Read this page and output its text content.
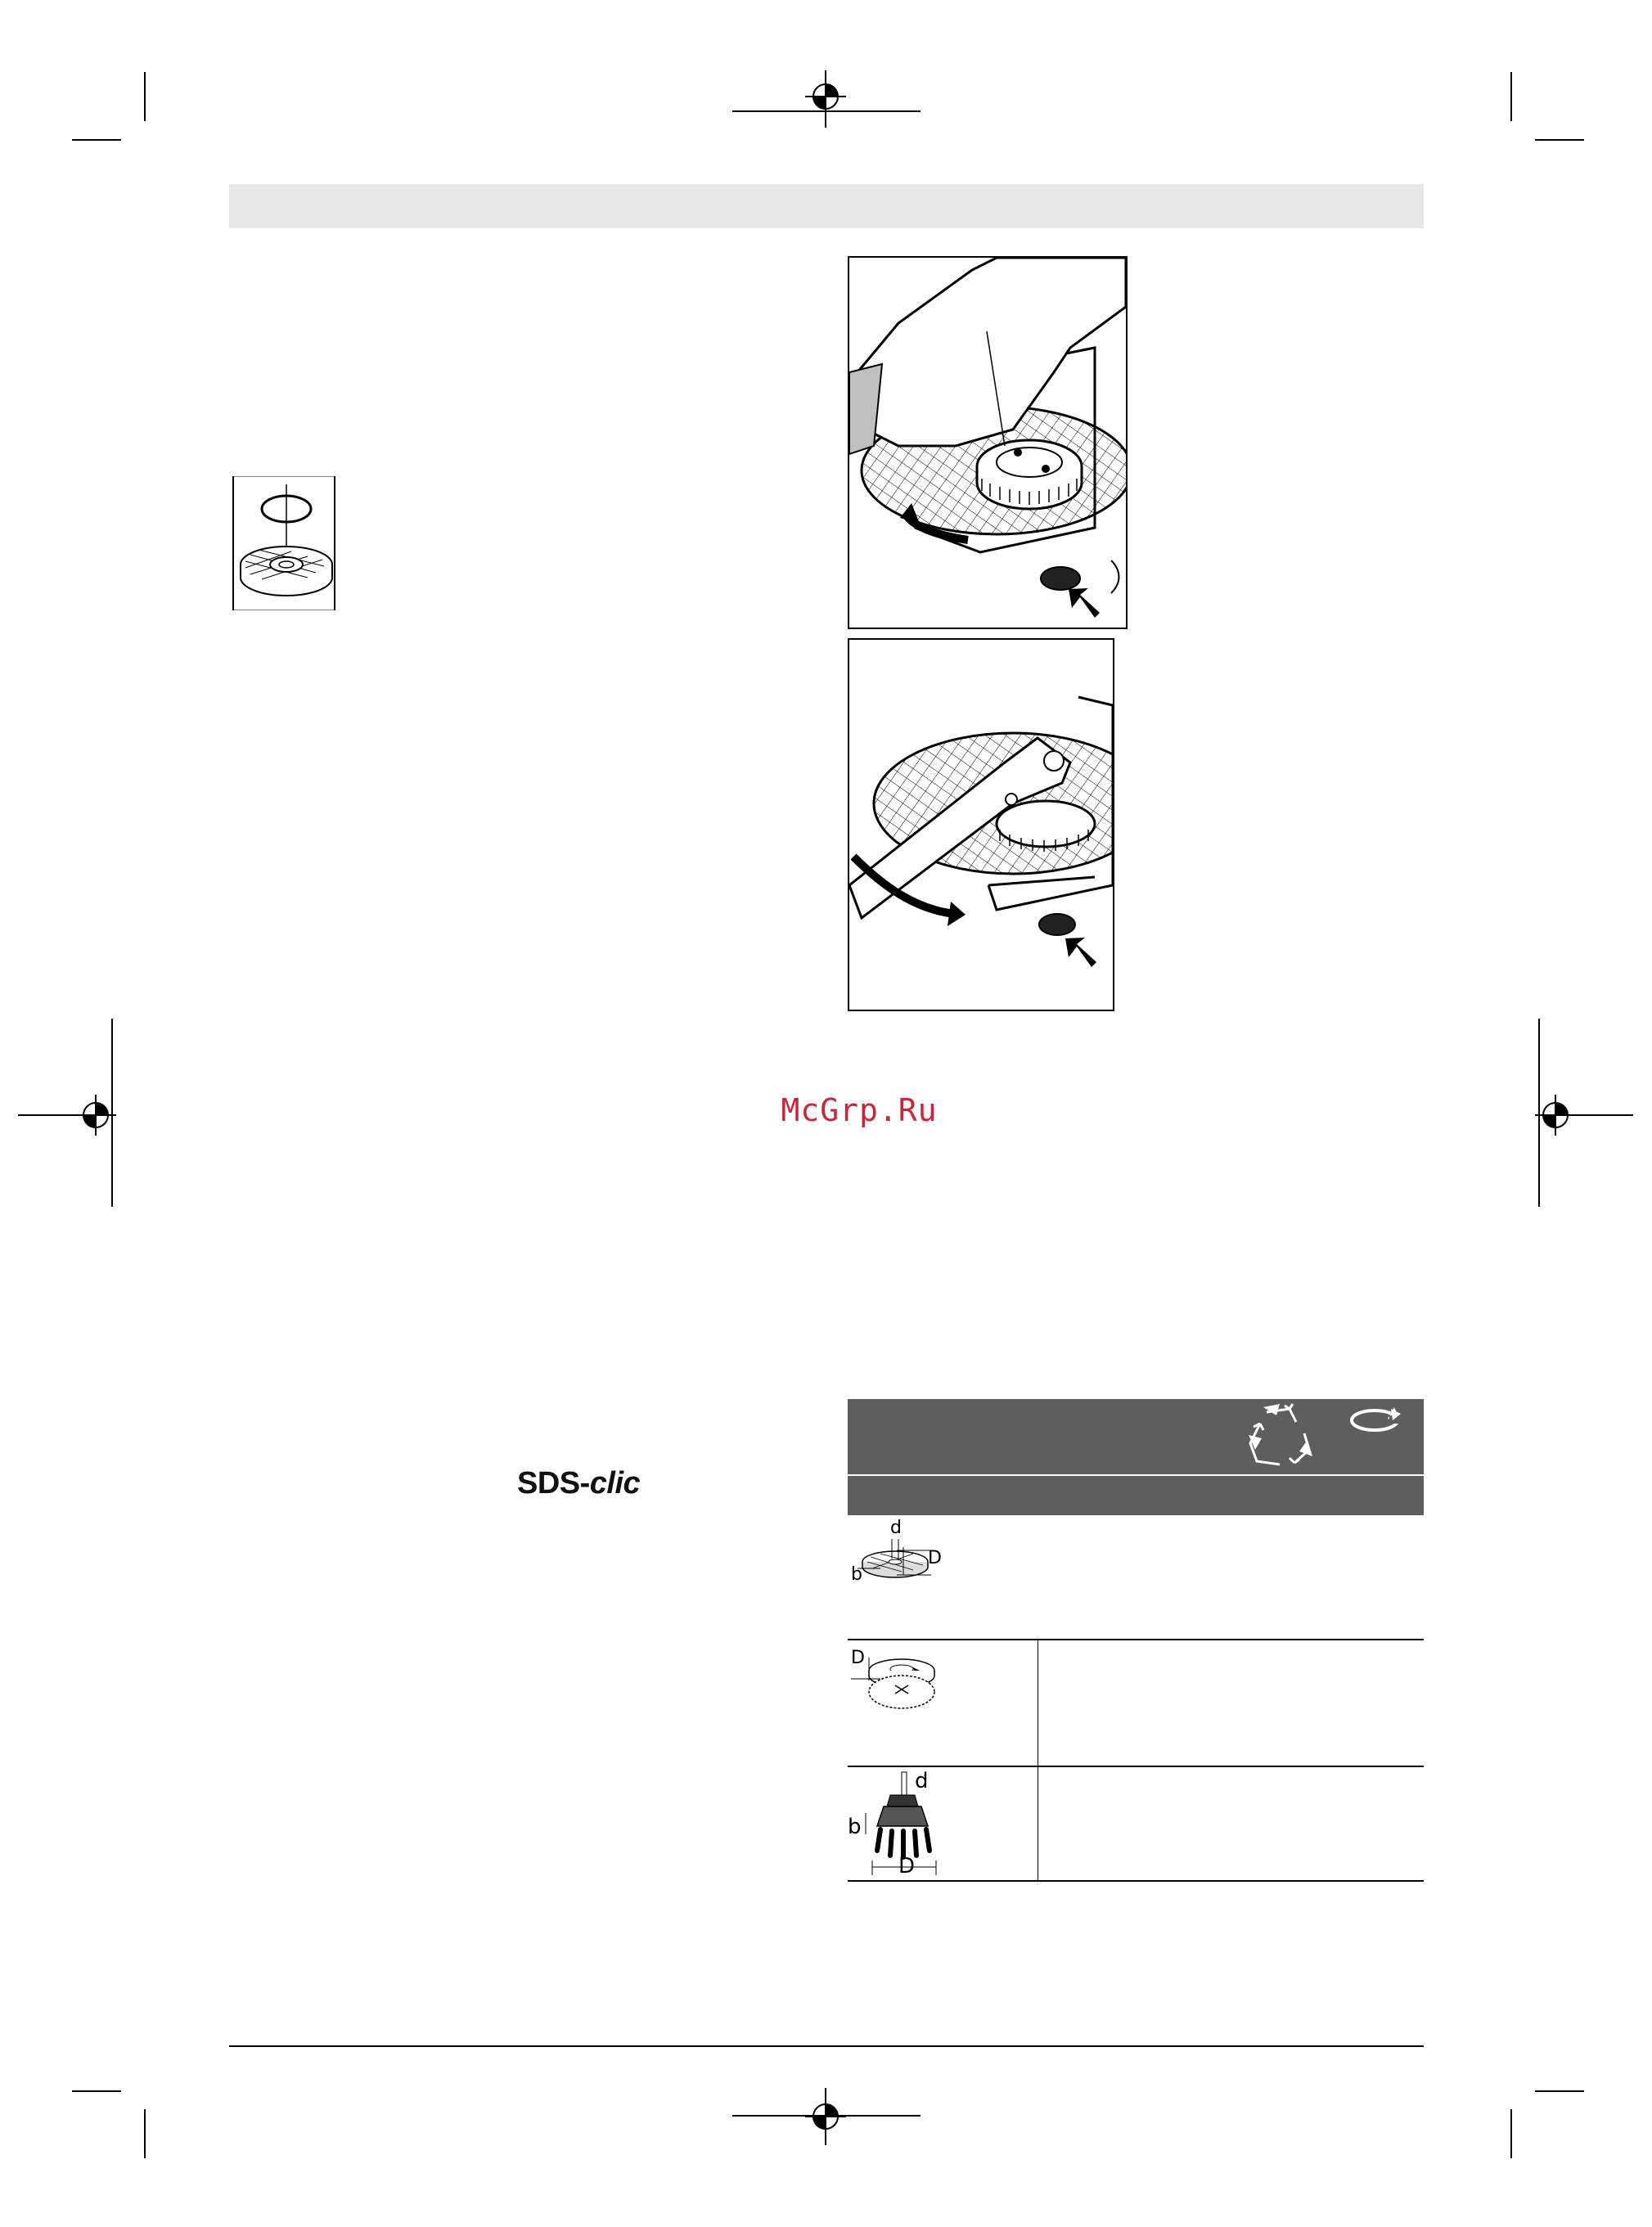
McGrp.Ru
SDS-clic
d
D
b
D
d
b
D
